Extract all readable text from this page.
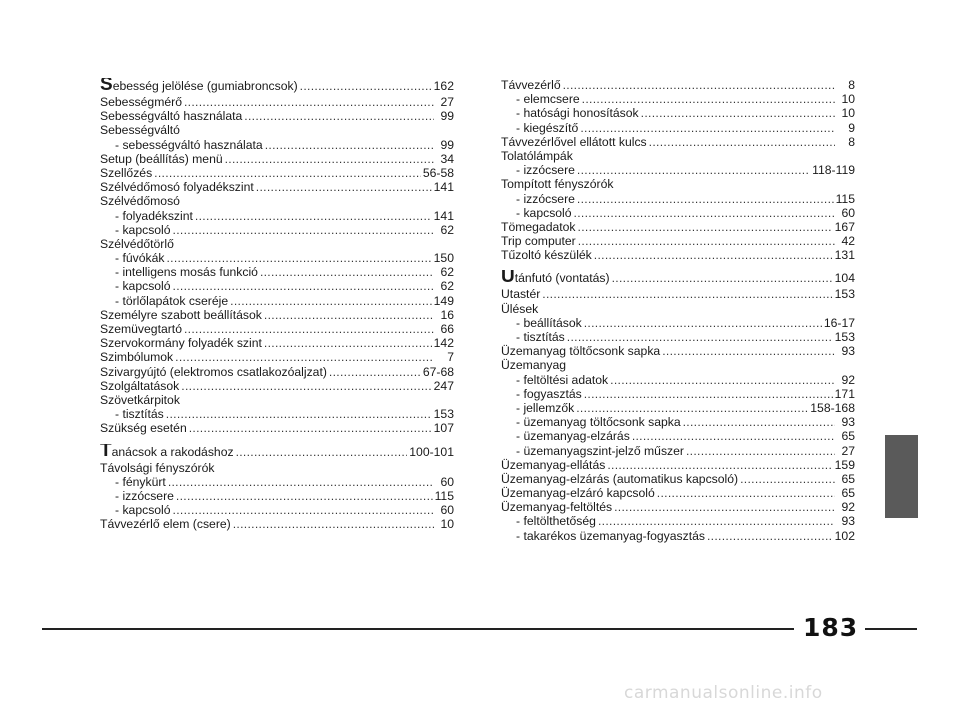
Sebesség jelölése (gumiabroncsok) .....	162
Sebességmérő .....	27
Sebességváltó használata .....	99
Sebességváltó
- sebességváltó használata .....	99
Setup (beállítás) menü .....	34
Szellőzés .....	56-58
Szélvédőmosó folyadékszint .....	141
Szélvédőmosó
- folyadékszint .....	141
- kapcsoló .....	62
Szélvédőtörlő
- fúvókák .....	150
- intelligens mosás funkció .....	62
- kapcsoló .....	62
- törlőlapátok cseréje .....	149
Személyre szabott beállítások .....	16
Szemüvegtartó .....	66
Szervokormány folyadék szint .....	142
Szimbólumok .....	7
Szivargyújtó (elektromos csatlakozóaljzat) .....	67-68
Szolgáltatások .....	247
Szövetkárpitok
- tisztítás .....	153
Szükség esetén .....	107
Tanácsok a rakodáshoz .....	100-101
Távolsági fényszórók
- fénykürt .....	60
- izzócsere .....	115
- kapcsoló .....	60
Távvezérlő elem (csere) .....	10
Távvezérlő .....	8
- elemcsere .....	10
- hatósági honosítások .....	10
- kiegészítő .....	9
Távvezérlővel ellátott kulcs .....	8
Tolatólámpák
- izzócsere .....	118-119
Tompított fényszórók
- izzócsere .....	115
- kapcsoló .....	60
Tömegadatok .....	167
Trip computer .....	42
Tűzoltó készülék .....	131
Utánfutó (vontatás) .....	104
Utastér .....	153
Ülések
- beállítások .....	16-17
- tisztítás .....	153
Üzemanyag töltőcsonk sapka .....	93
Üzemanyag
- feltöltési adatok .....	92
- fogyasztás .....	171
- jellemzők .....	158-168
- üzemanyag töltőcsonk sapka .....	93
- üzemanyag-elzárás .....	65
- üzemanyagszint-jelző műszer .....	27
Üzemanyag-ellátás .....	159
Üzemanyag-elzárás (automatikus kapcsoló) .....	65
Üzemanyag-elzáró kapcsoló .....	65
Üzemanyag-feltöltés .....	92
- feltölthetőség .....	93
- takarékos üzemanyag-fogyasztás .....	102
183
carmanualsonline.info
